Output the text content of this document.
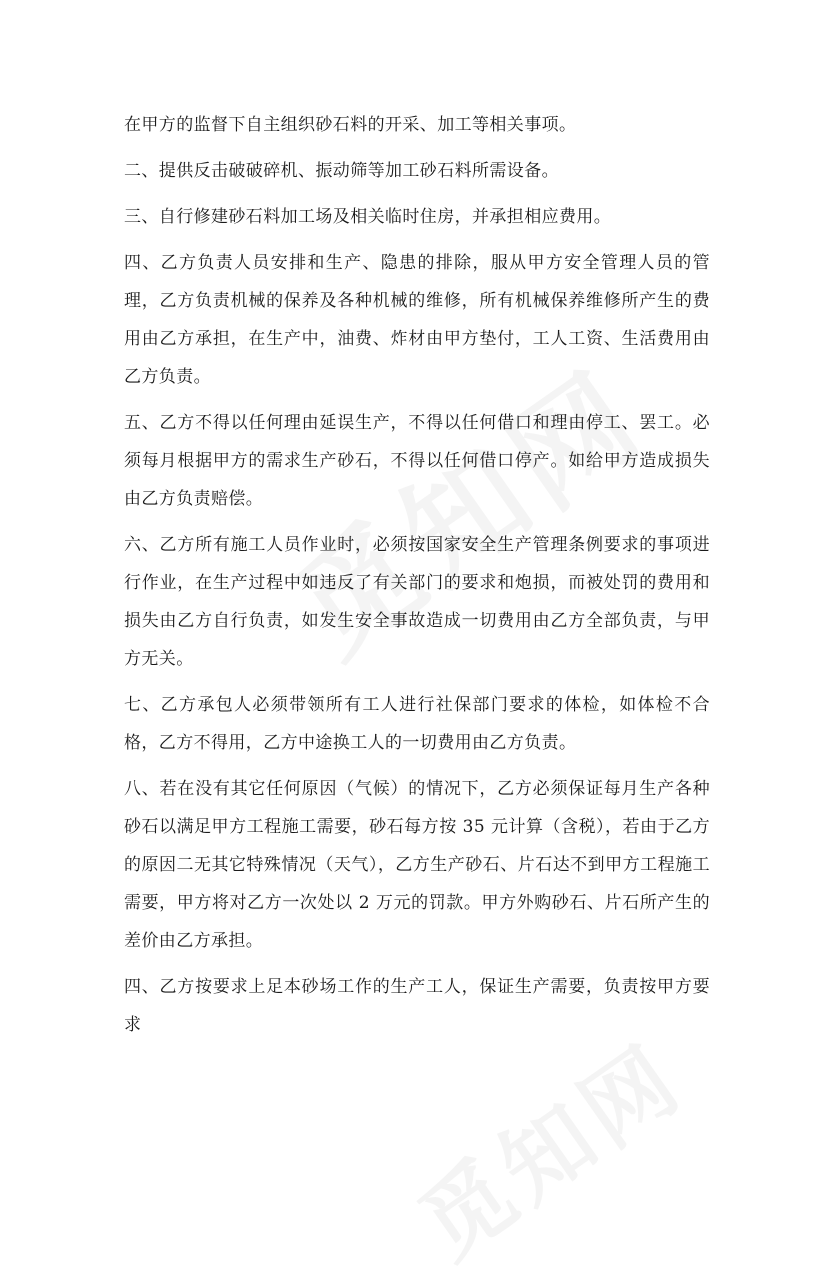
在甲方的监督下自主组织砂石料的开采、加工等相关事项。

二、提供反击破破碎机、振动筛等加工砂石料所需设备。

三、自行修建砂石料加工场及相关临时住房，并承担相应费用。

四、乙方负责人员安排和生产、隐患的排除，服从甲方安全管理人员的管理，乙方负责机械的保养及各种机械的维修，所有机械保养维修所产生的费用由乙方承担，在生产中，油费、炸材由甲方垫付，工人工资、生活费用由乙方负责。

五、乙方不得以任何理由延误生产，不得以任何借口和理由停工、罢工。必须每月根据甲方的需求生产砂石，不得以任何借口停产。如给甲方造成损失由乙方负责赔偿。

六、乙方所有施工人员作业时，必须按国家安全生产管理条例要求的事项进行作业，在生产过程中如违反了有关部门的要求和炮损，而被处罚的费用和损失由乙方自行负责，如发生安全事故造成一切费用由乙方全部负责，与甲方无关。

七、乙方承包人必须带领所有工人进行社保部门要求的体检，如体检不合格，乙方不得用，乙方中途换工人的一切费用由乙方负责。

八、若在没有其它任何原因（气候）的情况下，乙方必须保证每月生产各种砂石以满足甲方工程施工需要，砂石每方按 35 元计算（含税），若由于乙方的原因二无其它特殊情况（天气），乙方生产砂石、片石达不到甲方工程施工需要，甲方将对乙方一次处以 2 万元的罚款。甲方外购砂石、片石所产生的差价由乙方承担。

四、乙方按要求上足本砂场工作的生产工人，保证生产需要，负责按甲方要求
